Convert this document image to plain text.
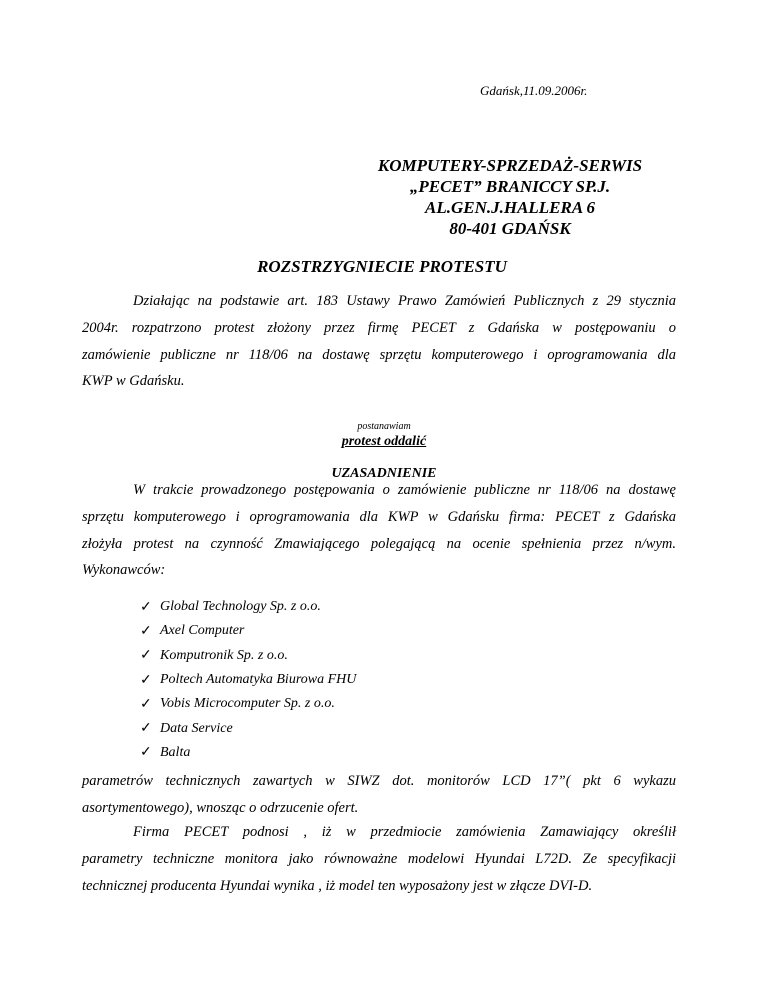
Gdańsk,11.09.2006r.
KOMPUTERY-SPRZEDAŻ-SERWIS
„PECET” BRANICCY SP.J.
AL.GEN.J.HALLERA 6
80-401 GDAŃSK
ROZSTRZYGNIECIE PROTESTU
Działając na podstawie art. 183 Ustawy Prawo Zamówień Publicznych z 29 stycznia
2004r. rozpatrzono protest złożony przez firmę PECET z Gdańska w postępowaniu o
zamówienie publiczne nr 118/06 na dostawę sprzętu komputerowego i oprogramowania dla
KWP w Gdańsku.
postanawiam
protest oddalić
UZASADNIENIE
W trakcie prowadzonego postępowania o zamówienie publiczne nr 118/06 na dostawę
sprzętu komputerowego i oprogramowania dla KWP w Gdańsku firma: PECET z Gdańska
złożyła protest na czynność Zmawiającego polegającą na ocenie spełnienia przez n/wym.
Wykonawców:
✓ Global Technology Sp. z o.o.
✓ Axel Computer
✓ Komputronik Sp. z o.o.
✓ Poltech Automatyka Biurowa FHU
✓ Vobis Microcomputer Sp. z o.o.
✓ Data Service
✓ Balta
parametrów technicznych zawartych w SIWZ dot. monitorów LCD 17”( pkt 6 wykazu
asortymentowego), wnosząc o odrzucenie ofert.
Firma PECET podnosi , iż w przedmiocie zamówienia Zamawiający określił
parametry techniczne monitora jako równoważne modelowi Hyundai L72D. Ze specyfikacji
technicznej producenta Hyundai wynika , iż model ten wyposażony jest w złącze DVI-D.
